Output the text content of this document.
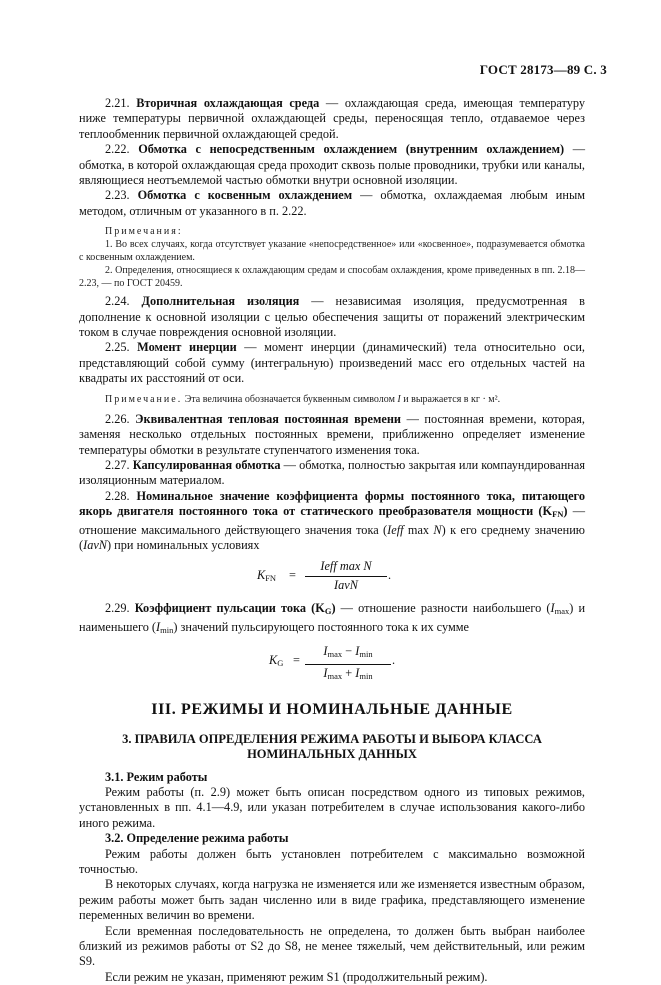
ГОСТ 28173—89 С. 3

2.21. Вторичная охлаждающая среда — охлаждающая среда, имеющая температуру ниже температуры первичной охлаждающей среды, переносящая тепло, отдаваемое через теплообменник первичной охлаждающей средой.

2.22. Обмотка с непосредственным охлаждением (внутренним охлаждением) — обмотка, в которой охлаждающая среда проходит сквозь полые проводники, трубки или каналы, являющиеся неотъемлемой частью обмотки внутри основной изоляции.

2.23. Обмотка с косвенным охлаждением — обмотка, охлаждаемая любым иным методом, отличным от указанного в п. 2.22.

Примечания:

1. Во всех случаях, когда отсутствует указание «непосредственное» или «косвенное», подразумевается обмотка с косвенным охлаждением.

2. Определения, относящиеся к охлаждающим средам и способам охлаждения, кроме приведенных в пп. 2.18—2.23, — по ГОСТ 20459.

2.24. Дополнительная изоляция — независимая изоляция, предусмотренная в дополнение к основной изоляции с целью обеспечения защиты от поражений электрическим током в случае повреждения основной изоляции.

2.25. Момент инерции — момент инерции (динамический) тела относительно оси, представляющий собой сумму (интегральную) произведений масс его отдельных частей на квадраты их расстояний от оси.

Примечание. Эта величина обозначается буквенным символом I и выражается в кг · м².

2.26. Эквивалентная тепловая постоянная времени — постоянная времени, которая, заменяя несколько отдельных постоянных времени, приближенно определяет изменение температуры обмотки в результате ступенчатого изменения тока.

2.27. Капсулированная обмотка — обмотка, полностью закрытая или компаундированная изоляционным материалом.

2.28. Номинальное значение коэффициента формы постоянного тока, питающего якорь двигателя постоянного тока от статического преобразователя мощности $(K_{FN})$ — отношение максимального действующего значения тока (Ieff max N) к его среднему значению (IavN) при номинальных условиях

$K_{FN}$ =
Ieff max N
IavN
.

2.29. Коэффициент пульсации тока $(K_G)$ — отношение разности наибольшего $(I_{max})$ и наименьшего $(I_{min})$ значений пульсирующего постоянного тока к их сумме

$K_G$ =
$I_{max} - I_{min}$
$I_{max} + I_{min}$
.
III. РЕЖИМЫ И НОМИНАЛЬНЫЕ ДАННЫЕ
3. ПРАВИЛА ОПРЕДЕЛЕНИЯ РЕЖИМА РАБОТЫ И ВЫБОРА КЛАССА НОМИНАЛЬНЫХ ДАННЫХ

3.1. Режим работы

Режим работы (п. 2.9) может быть описан посредством одного из типовых режимов, установленных в пп. 4.1—4.9, или указан потребителем в случае использования какого-либо иного режима.

3.2. Определение режима работы

Режим работы должен быть установлен потребителем с максимально возможной точностью.

В некоторых случаях, когда нагрузка не изменяется или же изменяется известным образом, режим работы может быть задан численно или в виде графика, представляющего изменение переменных величин во времени.

Если временная последовательность не определена, то должен быть выбран наиболее близкий из режимов работы от S2 до S8, не менее тяжелый, чем действительный, или режим S9.

Если режим не указан, применяют режим S1 (продолжительный режим).
